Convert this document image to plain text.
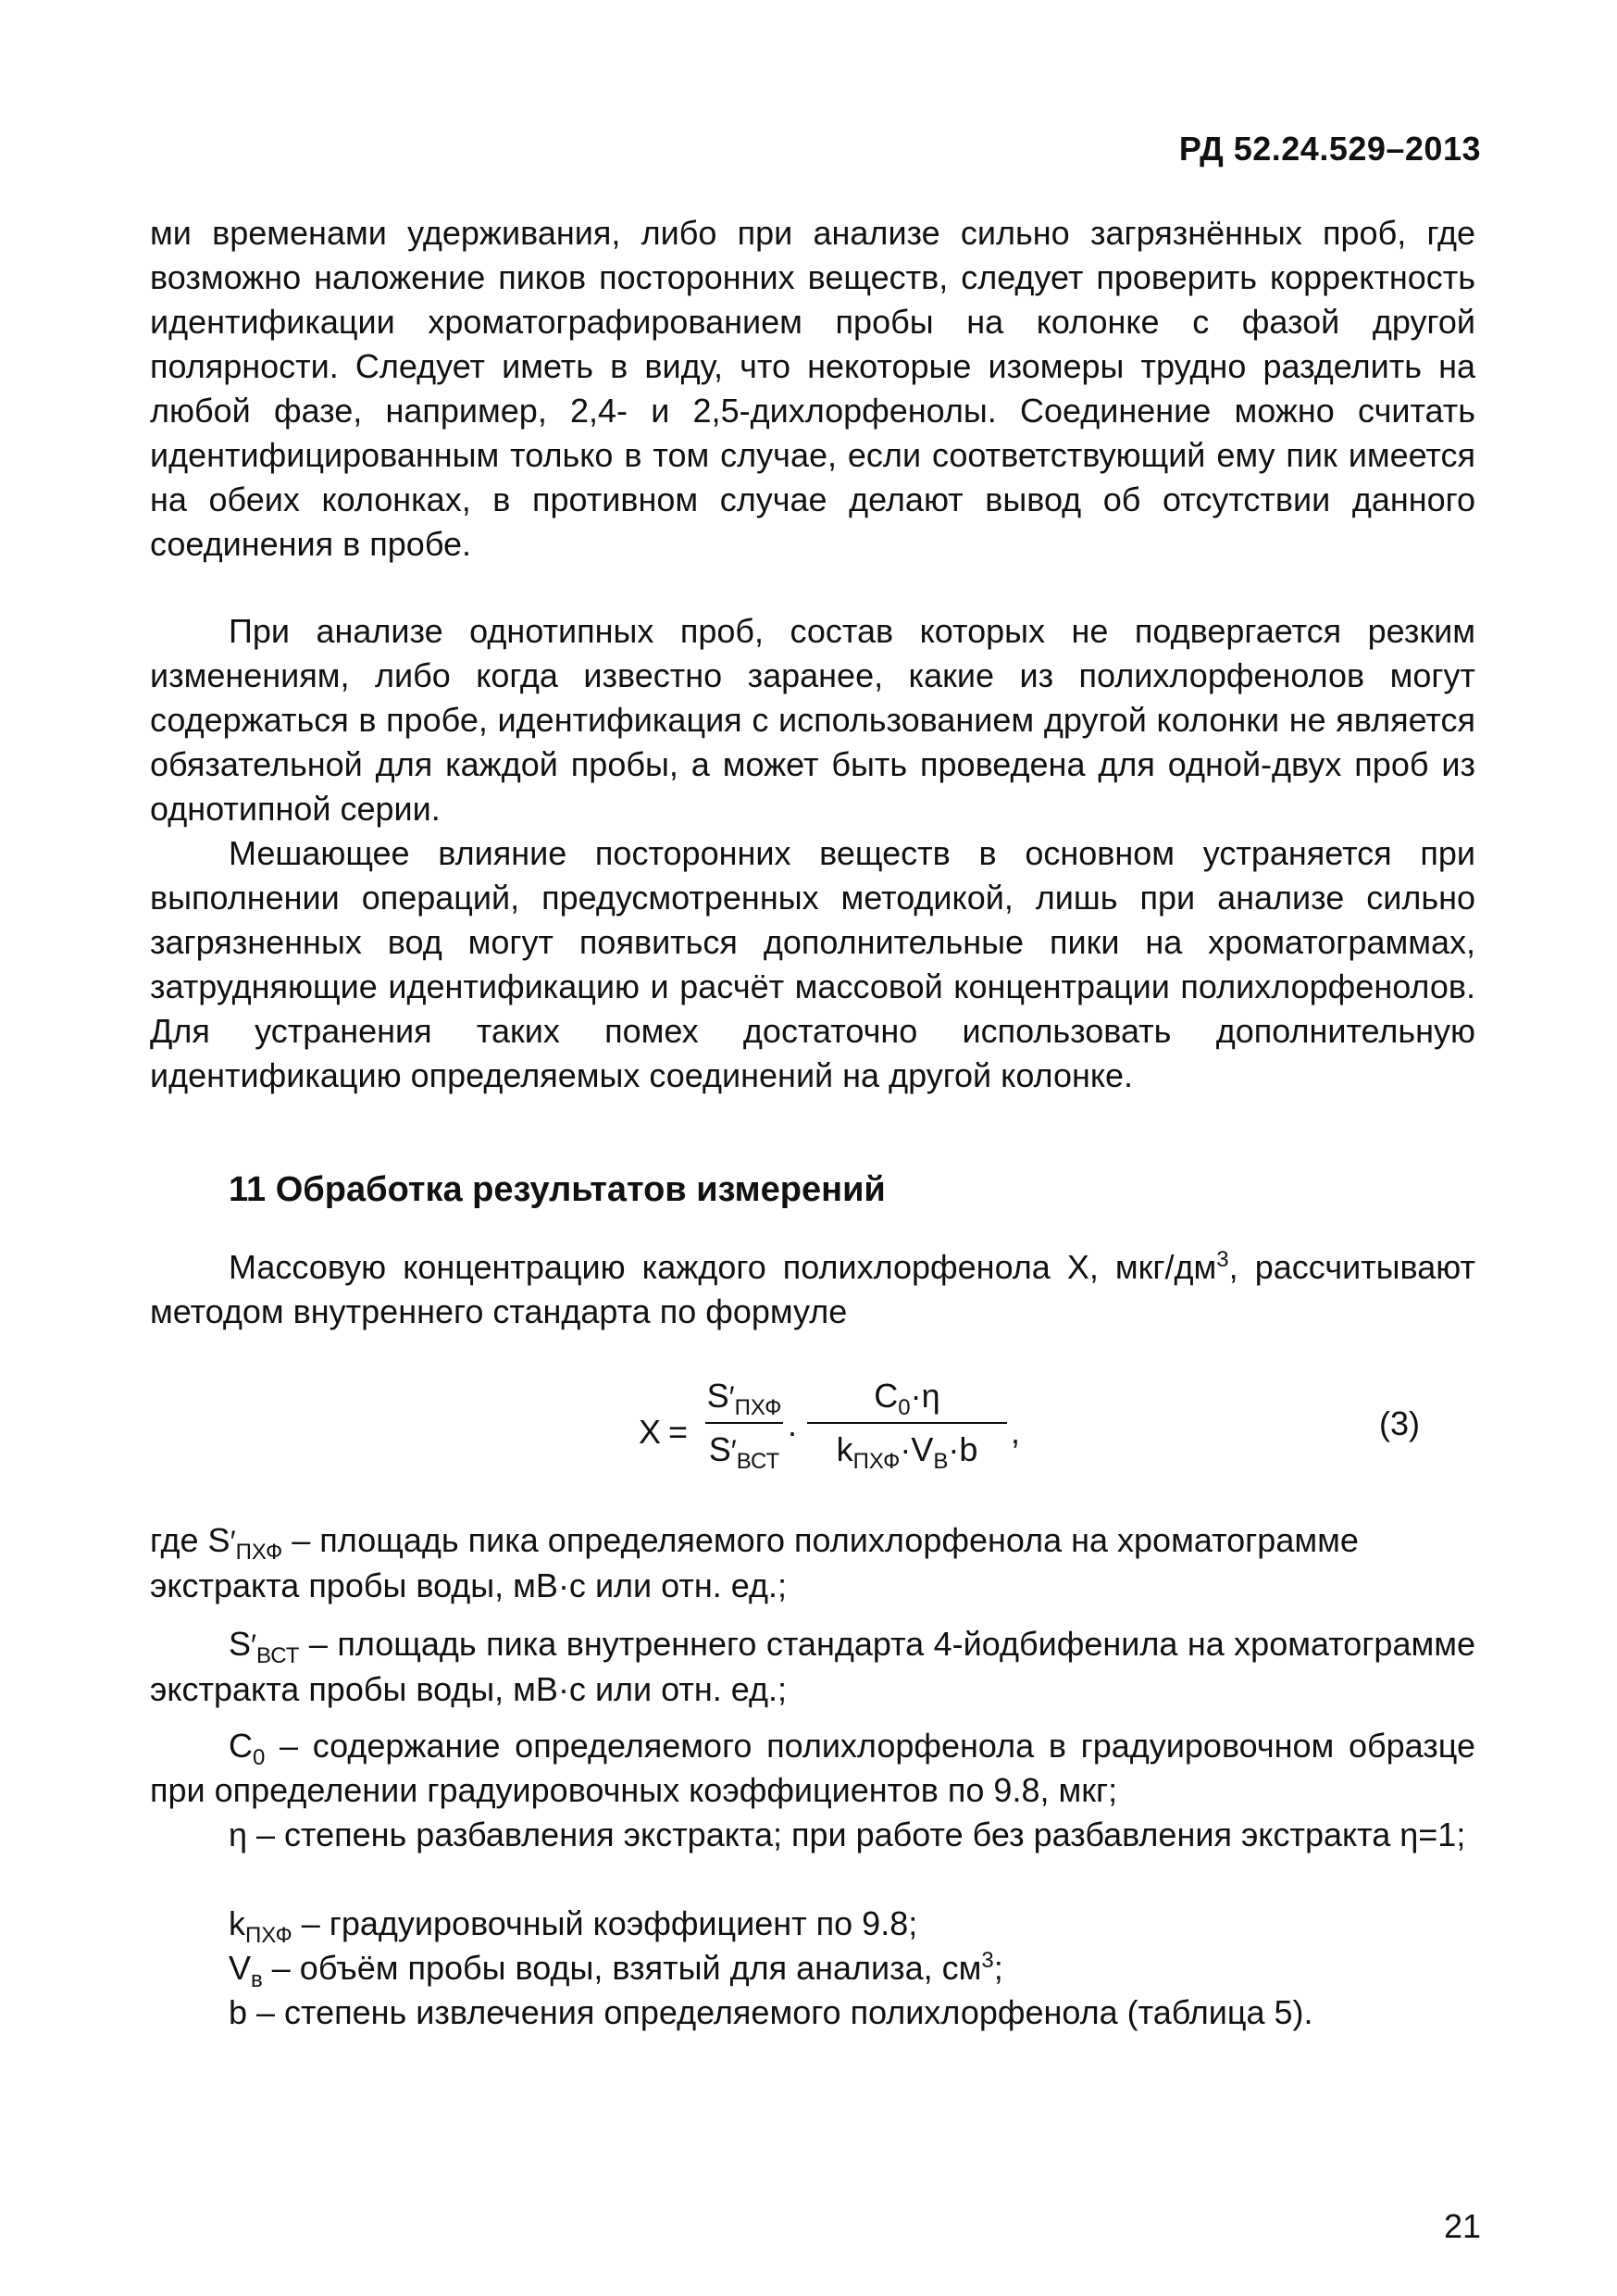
РД 52.24.529–2013

ми временами удерживания, либо при анализе сильно загрязнённых проб, где возможно наложение пиков посторонних веществ, следует проверить корректность идентификации хроматографированием пробы на колонке с фазой другой полярности. Следует иметь в виду, что некоторые изомеры трудно разделить на любой фазе, например, 2,4- и 2,5-дихлорфенолы. Соединение можно считать идентифицированным только в том случае, если соответствующий ему пик имеется на обеих колонках, в противном случае делают вывод об отсутствии данного соединения в пробе.

При анализе однотипных проб, состав которых не подвергается резким изменениям, либо когда известно заранее, какие из полихлорфенолов могут содержаться в пробе, идентификация с использованием другой колонки не является обязательной для каждой пробы, а может быть проведена для одной-двух проб из однотипной серии.

Мешающее влияние посторонних веществ в основном устраняется при выполнении операций, предусмотренных методикой, лишь при анализе сильно загрязненных вод могут появиться дополнительные пики на хроматограммах, затрудняющие идентификацию и расчёт массовой концентрации полихлорфенолов. Для устранения таких помех достаточно использовать дополнительную идентификацию определяемых соединений на другой колонке.

11 Обработка результатов измерений

Массовую концентрацию каждого полихлорфенола X, мкг/$дм^3$, рассчитывают методом внутреннего стандарта по формуле

X =
$S'_{ПХФ}$
$S'_{ВСТ}$
·
$C_0\cdot\eta$
$k_{ПХФ}\cdot V_В\cdot b$ ,	(3)

где $S'_{ПХФ}$ – площадь пика определяемого полихлорфенола на хроматограмме экстракта пробы воды, мВ·с или отн. ед.;

$S'_{ВСТ}$ – площадь пика внутреннего стандарта 4-йодбифенила на хроматограмме экстракта пробы воды, мВ·с или отн. ед.;

$C_0$ – содержание определяемого полихлорфенола в градуировочном образце при определении градуировочных коэффициентов по 9.8, мкг;

η – степень разбавления экстракта; при работе без разбавления экстракта η=1;

$k_{ПХФ}$ – градуировочный коэффициент по 9.8;

$V_в$ – объём пробы воды, взятый для анализа, $см^3$;

b – степень извлечения определяемого полихлорфенола (таблица 5).

21
